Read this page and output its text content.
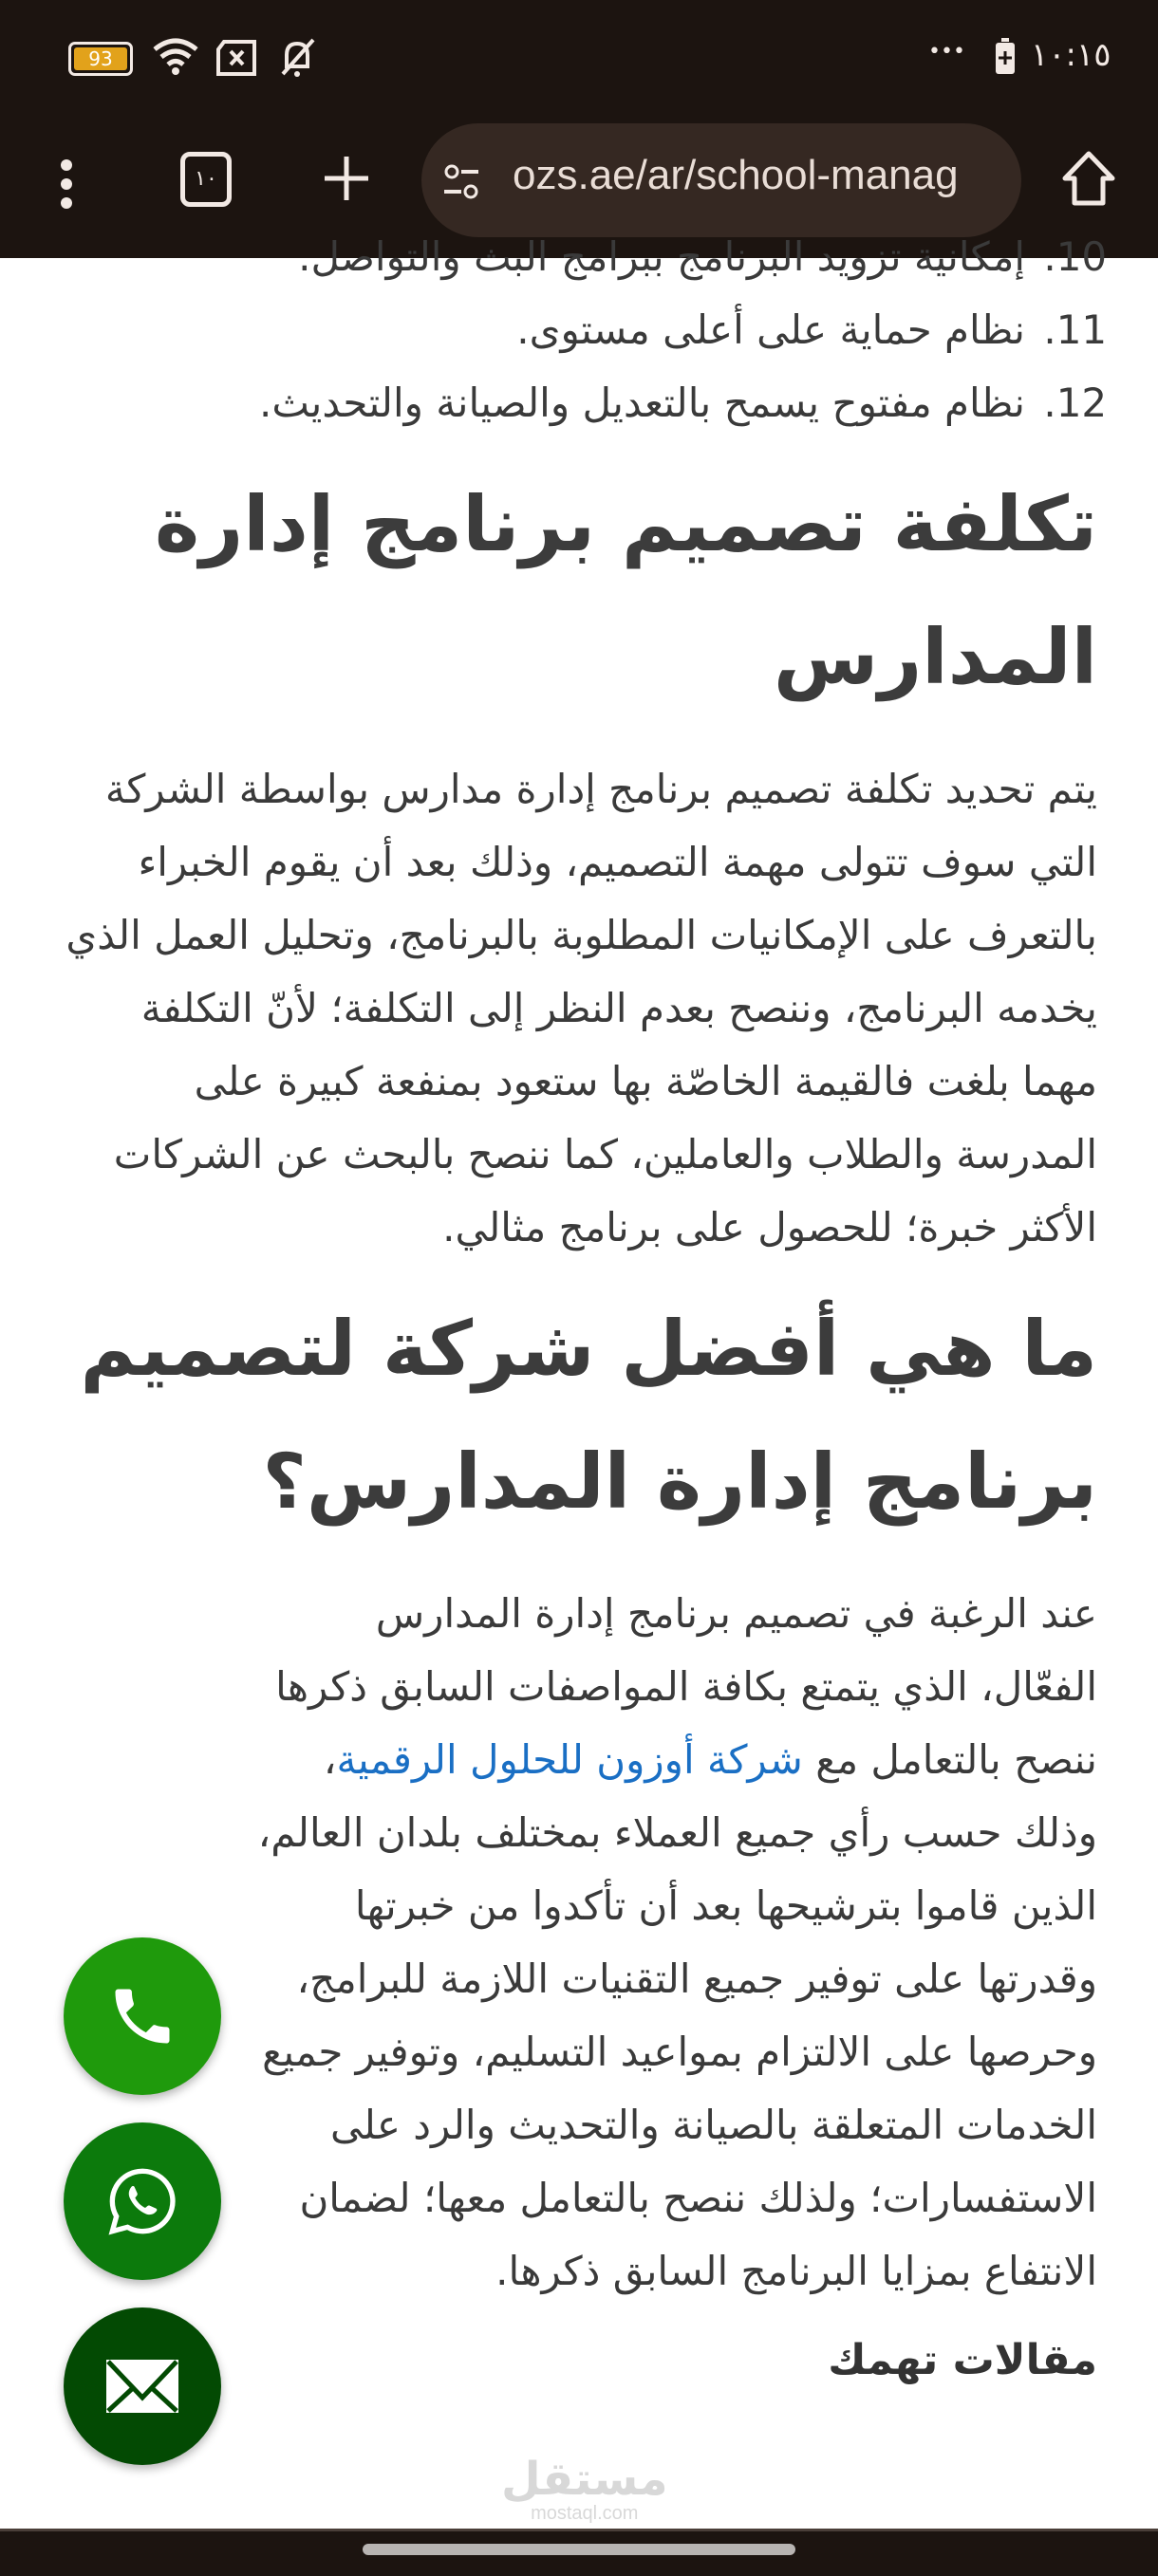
93	••• ١٠:١٥
١٠	ozs.ae/ar/school-manag
10. إمكانية تزويد البرنامج ببرامج البث والتواصل.
11. نظام حماية على أعلى مستوى.
12. نظام مفتوح يسمح بالتعديل والصيانة والتحديث.
تكلفة تصميم برنامج إدارة المدارس

يتم تحديد تكلفة تصميم برنامج إدارة مدارس بواسطة الشركة التي سوف تتولى مهمة التصميم، وذلك بعد أن يقوم الخبراء بالتعرف على الإمكانيات المطلوبة بالبرنامج، وتحليل العمل الذي يخدمه البرنامج، وننصح بعدم النظر إلى التكلفة؛ لأنّ التكلفة مهما بلغت فالقيمة الخاصّة بها ستعود بمنفعة كبيرة على المدرسة والطلاب والعاملين، كما ننصح بالبحث عن الشركات الأكثر خبرة؛ للحصول على برنامج مثالي.

ما هي أفضل شركة لتصميم برنامج إدارة المدارس؟

عند الرغبة في تصميم برنامج إدارة المدارس الفعّال، الذي يتمتع بكافة المواصفات السابق ذكرها ننصح بالتعامل مع شركة أوزون للحلول الرقمية، وذلك حسب رأي جميع العملاء بمختلف بلدان العالم، الذين قاموا بترشيحها بعد أن تأكدوا من خبرتها وقدرتها على توفير جميع التقنيات اللازمة للبرامج، وحرصها على الالتزام بمواعيد التسليم، وتوفير جميع الخدمات المتعلقة بالصيانة والتحديث والرد على الاستفسارات؛ ولذلك ننصح بالتعامل معها؛ لضمان الانتفاع بمزايا البرنامج السابق ذكرها.

مقالات تهمك
مستقل
mostaql.com
